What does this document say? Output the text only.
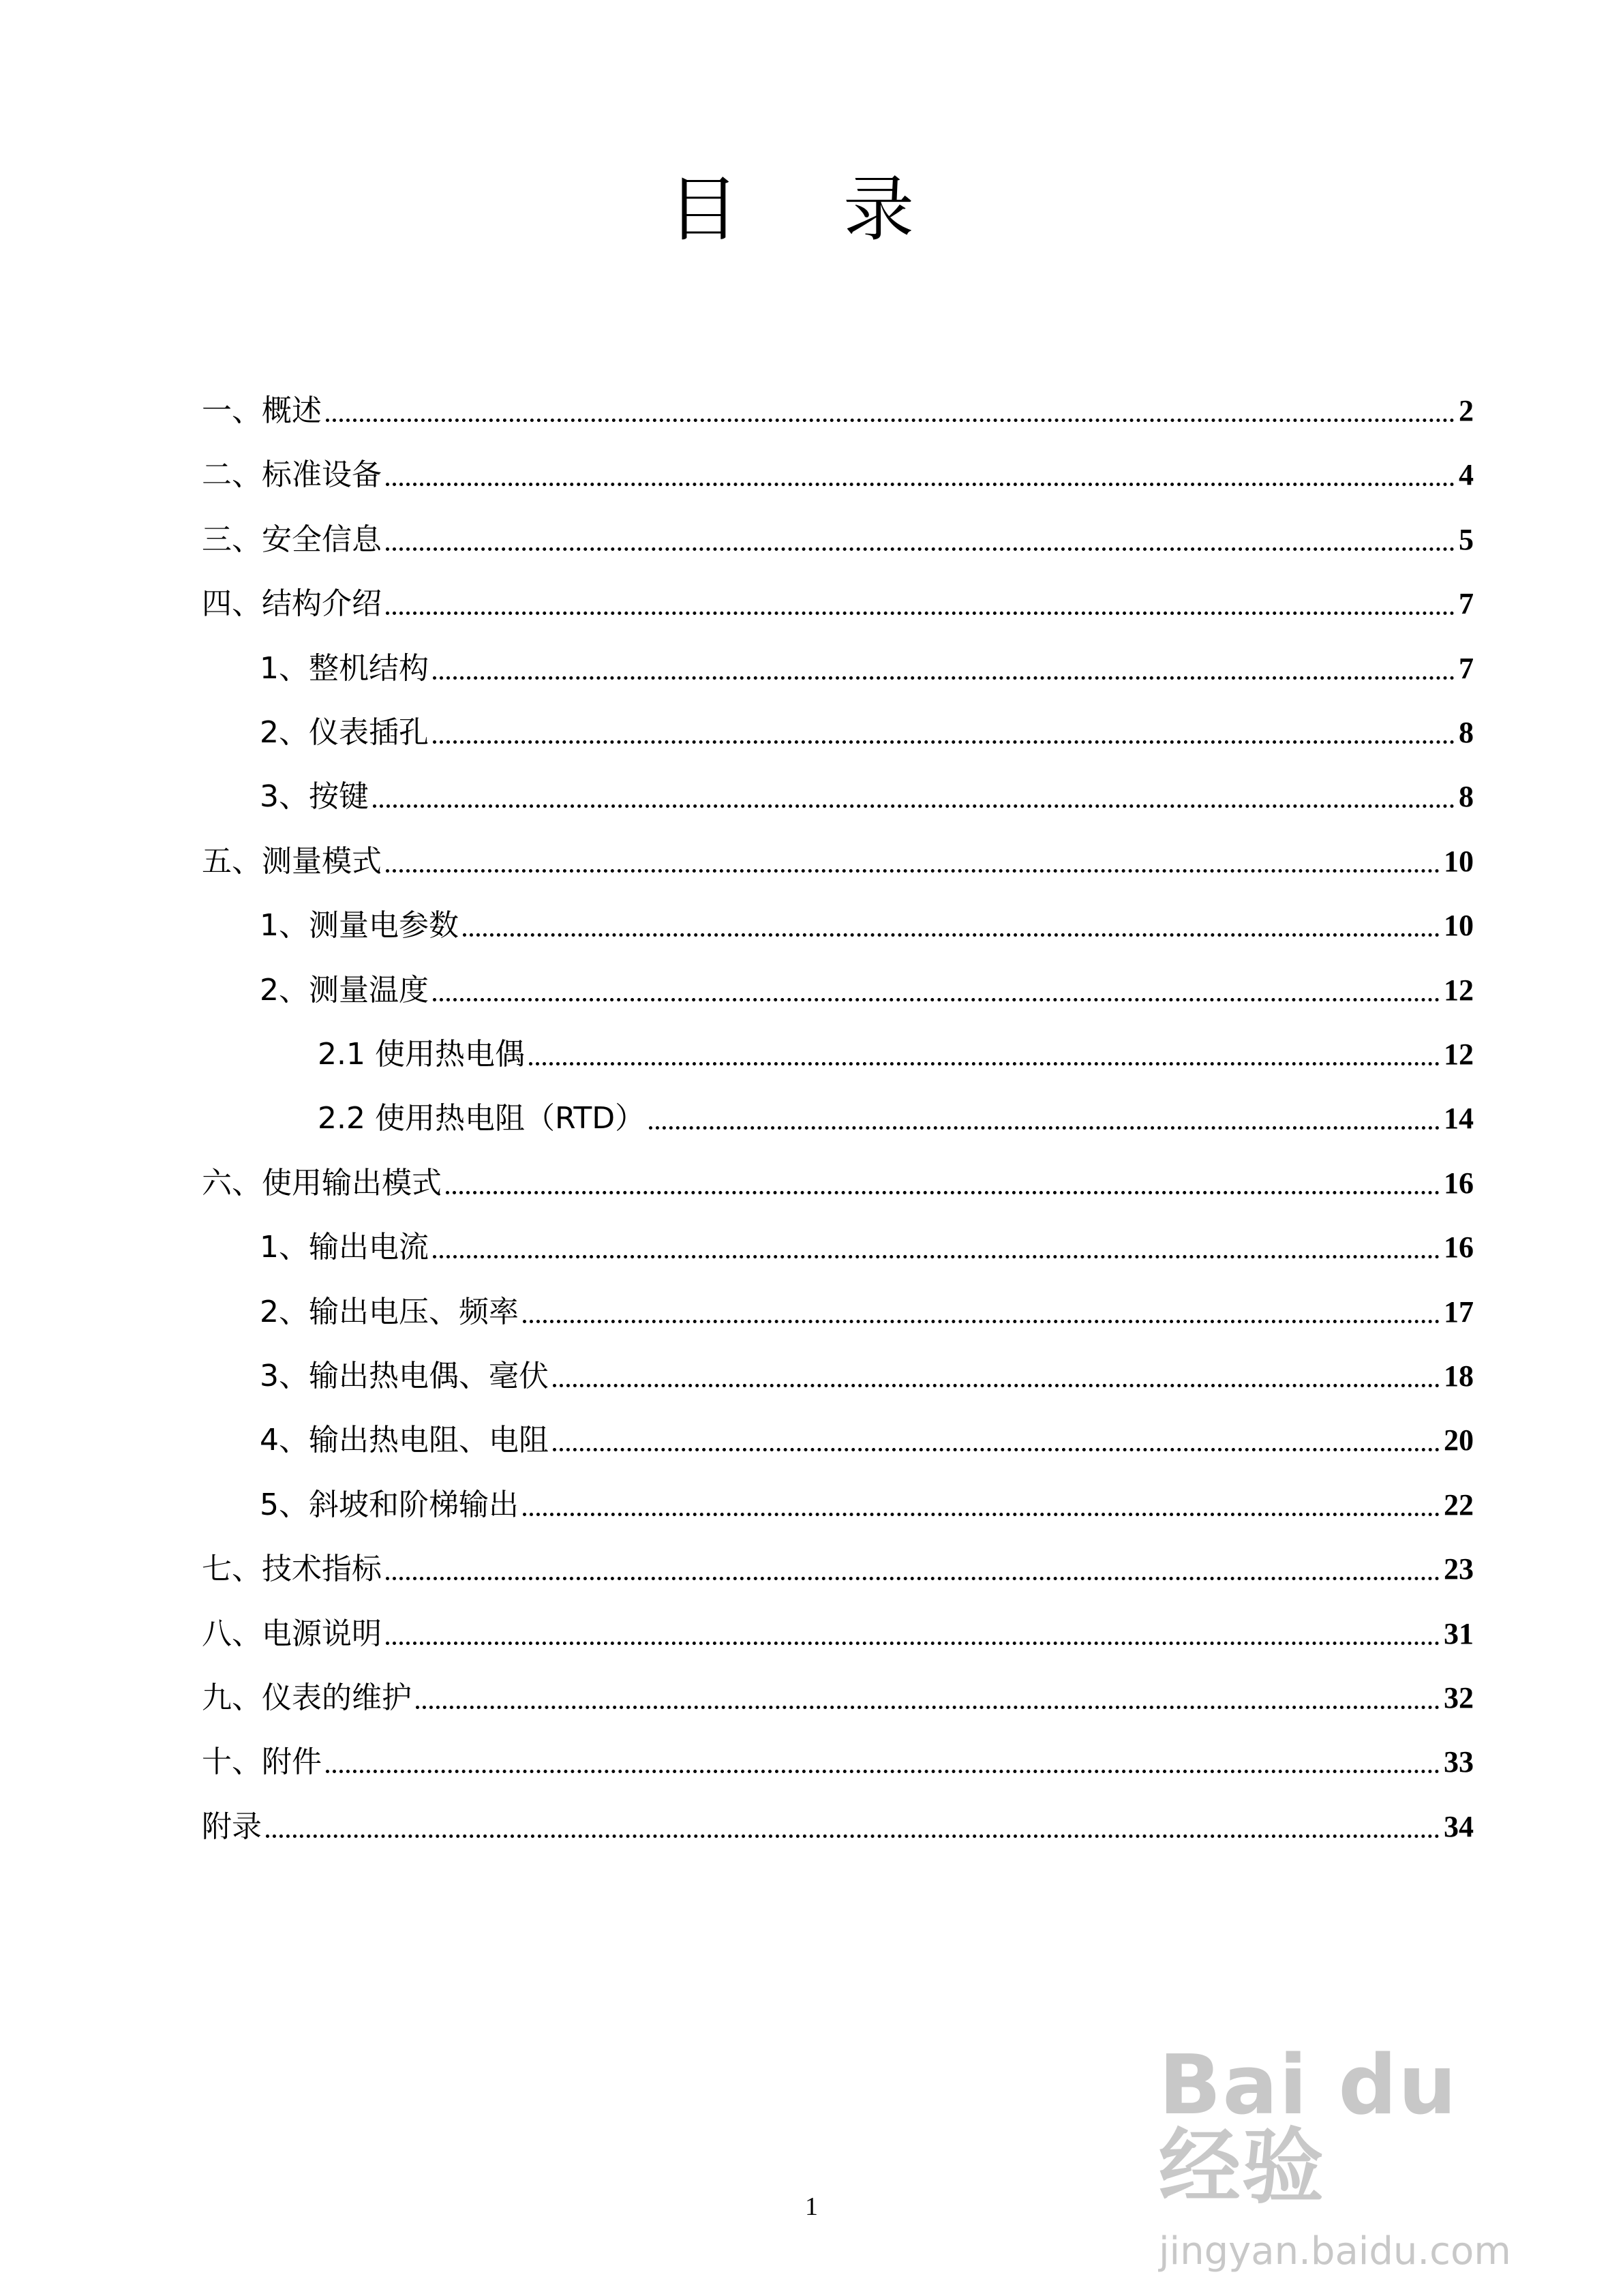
目 录
一、概述	2
二、标准设备	4
三、安全信息	5
四、结构介绍	7
1、整机结构	7
2、仪表插孔	8
3、按键	8
五、测量模式	10
1、测量电参数	10
2、测量温度	12
2.1 使用热电偶	12
2.2 使用热电阻（RTD）	14
六、使用输出模式	16
1、输出电流	16
2、输出电压、频率	17
3、输出热电偶、毫伏	18
4、输出热电阻、电阻	20
5、斜坡和阶梯输出	22
七、技术指标	23
八、电源说明	31
九、仪表的维护	32
十、附件	33
附录	34
1
Bai du 经验
jingyan.baidu.com
